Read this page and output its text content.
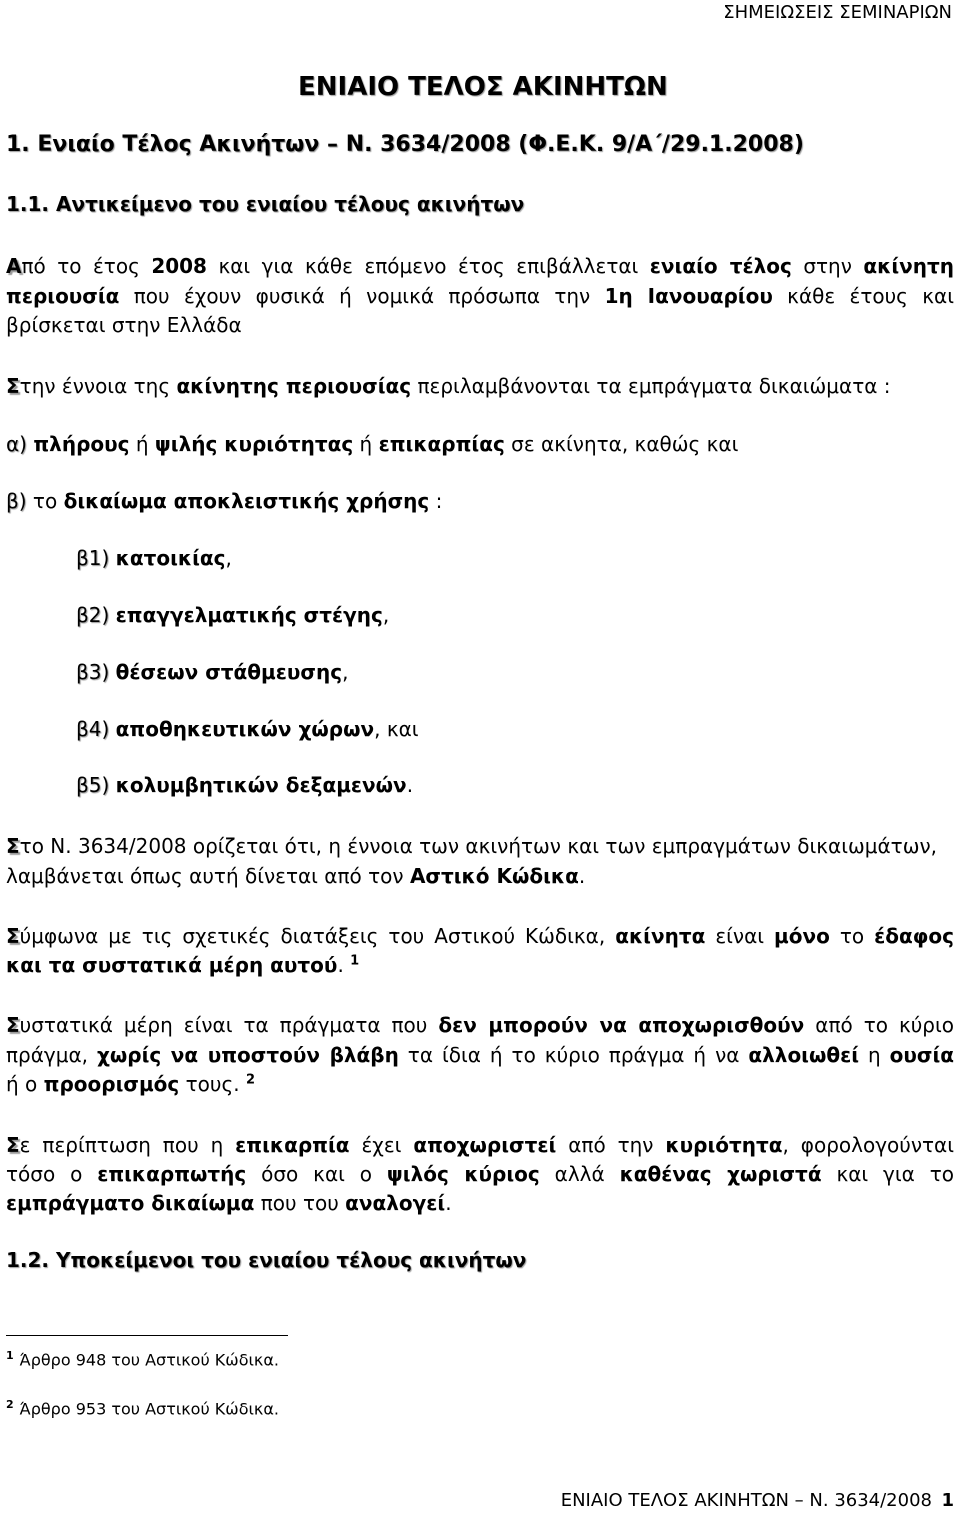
ΣΗΜΕΙΩΣΕΙΣ ΣΕΜΙΝΑΡΙΩΝ
ΕΝΙΑΙΟ ΤΕΛΟΣ ΑΚΙΝΗΤΩΝ
1. Ενιαίο Τέλος Ακινήτων – Ν. 3634/2008 (Φ.Ε.Κ. 9/Α΄/29.1.2008)
1.1. Αντικείμενο του ενιαίου τέλους ακινήτων
Από το έτος 2008 και για κάθε επόμενο έτος επιβάλλεται ενιαίο τέλος στην ακίνητη
περιουσία που έχουν φυσικά ή νομικά πρόσωπα την 1η Ιανουαρίου κάθε έτους και
βρίσκεται στην Ελλάδα
Στην έννοια της ακίνητης περιουσίας περιλαμβάνονται τα εμπράγματα δικαιώματα :
α) πλήρους ή ψιλής κυριότητας ή επικαρπίας σε ακίνητα, καθώς και
β) το δικαίωμα αποκλειστικής χρήσης :
β1) κατοικίας,
β2) επαγγελματικής στέγης,
β3) θέσεων στάθμευσης,
β4) αποθηκευτικών χώρων, και
β5) κολυμβητικών δεξαμενών.
Στο Ν. 3634/2008 ορίζεται ότι, η έννοια των ακινήτων και των εμπραγμάτων δικαιωμάτων,
λαμβάνεται όπως αυτή δίνεται από τον Αστικό Κώδικα.
Σύμφωνα με τις σχετικές διατάξεις του Αστικού Κώδικα, ακίνητα είναι μόνο το έδαφος
και τα συστατικά μέρη αυτού. $^1$
Συστατικά μέρη είναι τα πράγματα που δεν μπορούν να αποχωρισθούν από το κύριο
πράγμα, χωρίς να υποστούν βλάβη τα ίδια ή το κύριο πράγμα ή να αλλοιωθεί η ουσία
ή ο προορισμός τους. $^2$
Σε περίπτωση που η επικαρπία έχει αποχωριστεί από την κυριότητα, φορολογούνται
τόσο ο επικαρπωτής όσο και ο ψιλός κύριος αλλά καθένας χωριστά και για το
εμπράγματο δικαίωμα που του αναλογεί.
1.2. Υποκείμενοι του ενιαίου τέλους ακινήτων
$^1$ Άρθρο 948 του Αστικού Κώδικα.
$^2$ Άρθρο 953 του Αστικού Κώδικα.
ΕΝΙΑΙΟ ΤΕΛΟΣ ΑΚΙΝΗΤΩΝ – Ν. 3634/2008 1
